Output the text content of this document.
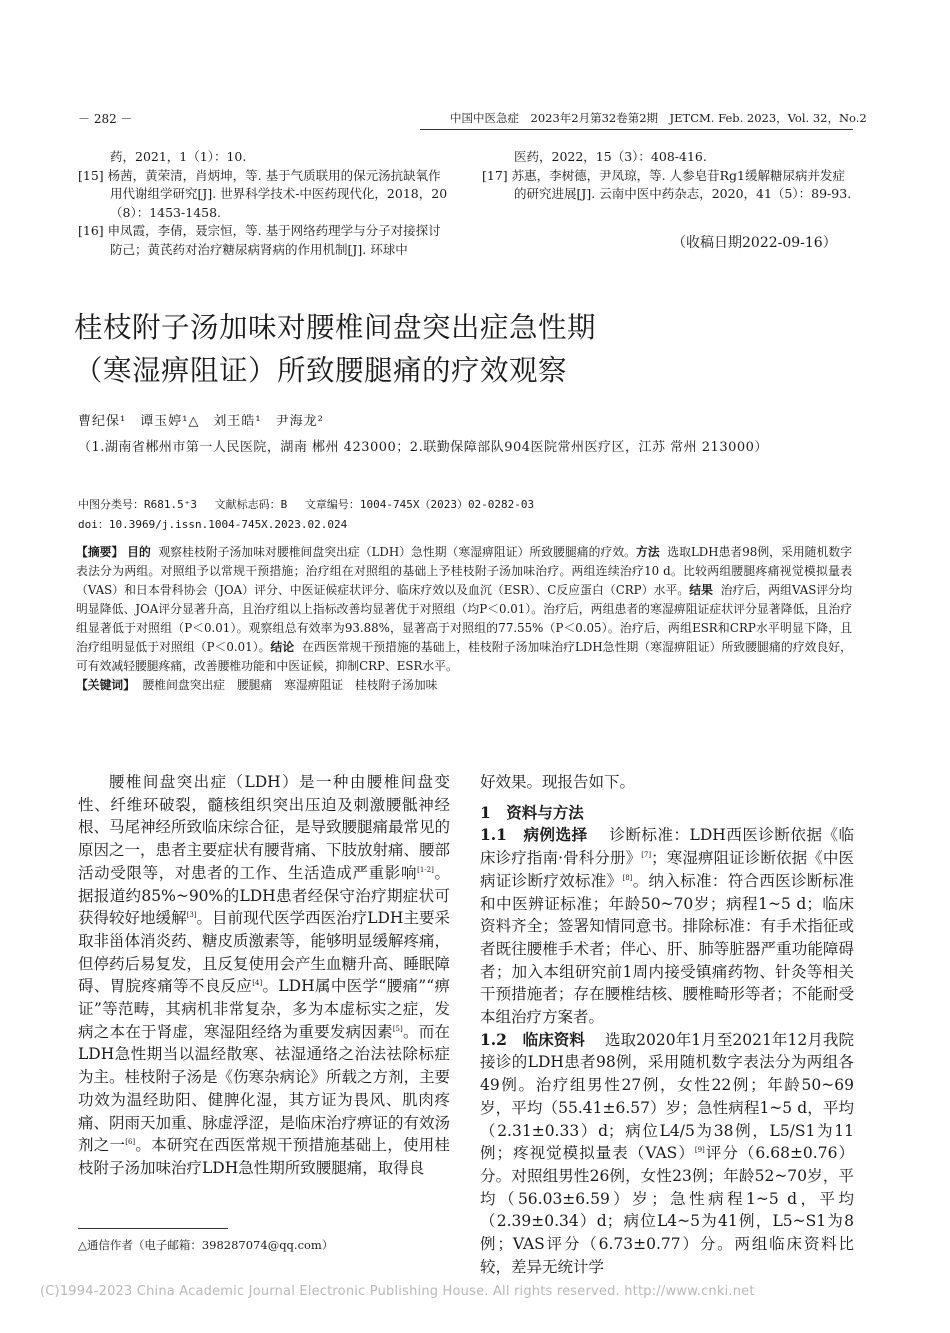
－ 282 －	中国中医急症　2023年2月第32卷第2期　JETCM. Feb. 2023，Vol. 32，No.2

药，2021，1（1）：10.

[15] 杨茜，黄荣清，肖炳坤，等. 基于气质联用的保元汤抗缺氧作用代谢组学研究[J]. 世界科学技术-中医药现代化，2018，20（8）：1453-1458.

[16] 申凤霞，李倩，聂宗恒，等. 基于网络药理学与分子对接探讨防己；黄芪药对治疗糖尿病肾病的作用机制[J]. 环球中

医药，2022，15（3）：408-416.

[17] 苏惠，李树德，尹凤琼，等. 人参皂苷Rg1缓解糖尿病并发症的研究进展[J]. 云南中医中药杂志，2020，41（5）：89-93.

（收稿日期2022-09-16）
桂枝附子汤加味对腰椎间盘突出症急性期
（寒湿痹阻证）所致腰腿痛的疗效观察
曹纪保¹　谭玉婷¹△　刘王皓¹　尹海龙²
（1.湖南省郴州市第一人民医院，湖南 郴州 423000；2.联勤保障部队904医院常州医疗区，江苏 常州 213000）
中图分类号：R681.5⁺3　 文献标志码：B　 文章编号：1004-745X（2023）02-0282-03
doi：10.3969/j.issn.1004-745X.2023.02.024

【摘要】 目的 观察桂枝附子汤加味对腰椎间盘突出症（LDH）急性期（寒湿痹阻证）所致腰腿痛的疗效。方法 选取LDH患者98例，采用随机数字表法分为两组。对照组予以常规干预措施；治疗组在对照组的基础上予桂枝附子汤加味治疗。两组连续治疗10 d。比较两组腰腿疼痛视觉模拟量表（VAS）和日本骨科协会（JOA）评分、中医证候症状评分、临床疗效以及血沉（ESR）、C反应蛋白（CRP）水平。结果 治疗后，两组VAS评分均明显降低、JOA评分显著升高，且治疗组以上指标改善均显著优于对照组（均P＜0.01）。治疗后，两组患者的寒湿痹阻证症状评分显著降低，且治疗组显著低于对照组（P＜0.01）。观察组总有效率为93.88%，显著高于对照组的77.55%（P＜0.05）。治疗后，两组ESR和CRP水平明显下降，且治疗组明显低于对照组（P＜0.01）。结论 在西医常规干预措施的基础上，桂枝附子汤加味治疗LDH急性期（寒湿痹阻证）所致腰腿痛的疗效良好，可有效减轻腰腿疼痛，改善腰椎功能和中医证候，抑制CRP、ESR水平。

【关键词】 腰椎间盘突出症　腰腿痛　寒湿痹阻证　桂枝附子汤加味

腰椎间盘突出症（LDH）是一种由腰椎间盘变性、纤维环破裂，髓核组织突出压迫及刺激腰骶神经根、马尾神经所致临床综合征，是导致腰腿痛最常见的原因之一，患者主要症状有腰背痛、下肢放射痛、腰部活动受限等，对患者的工作、生活造成严重影响[1-2]。据报道约85%~90%的LDH患者经保守治疗期症状可获得较好地缓解[3]。目前现代医学西医治疗LDH主要采取非甾体消炎药、糖皮质激素等，能够明显缓解疼痛，但停药后易复发，且反复使用会产生血糖升高、睡眠障碍、胃脘疼痛等不良反应[4]。LDH属中医学“腰痛”“痹证”等范畴，其病机非常复杂，多为本虚标实之症，发病之本在于肾虚，寒湿阻经络为重要发病因素[5]。而在LDH急性期当以温经散寒、祛湿通络之治法祛除标症为主。桂枝附子汤是《伤寒杂病论》所载之方剂，主要功效为温经助阳、健脾化湿，其方证为畏风、肌肉疼痛、阴雨天加重、脉虚浮涩，是临床治疗痹证的有效汤剂之一[6]。本研究在西医常规干预措施基础上，使用桂枝附子汤加味治疗LDH急性期所致腰腿痛，取得良

好效果。现报告如下。

1　资料与方法

1.1　病例选择 诊断标准：LDH西医诊断依据《临床诊疗指南·骨科分册》[7]；寒湿痹阻证诊断依据《中医病证诊断疗效标准》[8]。纳入标准：符合西医诊断标准和中医辨证标准；年龄50~70岁；病程1~5 d；临床资料齐全；签署知情同意书。排除标准：有手术指征或者既往腰椎手术者；伴心、肝、肺等脏器严重功能障碍者；加入本组研究前1周内接受镇痛药物、针灸等相关干预措施者；存在腰椎结核、腰椎畸形等者；不能耐受本组治疗方案者。

1.2　临床资料 选取2020年1月至2021年12月我院接诊的LDH患者98例，采用随机数字表法分为两组各49例。治疗组男性27例，女性22例；年龄50~69岁，平均（55.41±6.57）岁；急性病程1~5 d，平均（2.31±0.33）d；病位L4/5为38例，L5/S1为11例；疼视觉模拟量表（VAS）[9]评分（6.68±0.76）分。对照组男性26例，女性23例；年龄52~70岁，平均（56.03±6.59）岁；急性病程1~5 d，平均（2.39±0.34）d；病位L4~5为41例，L5~S1为8例；VAS评分（6.73±0.77）分。两组临床资料比较，差异无统计学

△通信作者（电子邮箱：398287074@qq.com）
(C)1994-2023 China Academic Journal Electronic Publishing House. All rights reserved. http://www.cnki.net
